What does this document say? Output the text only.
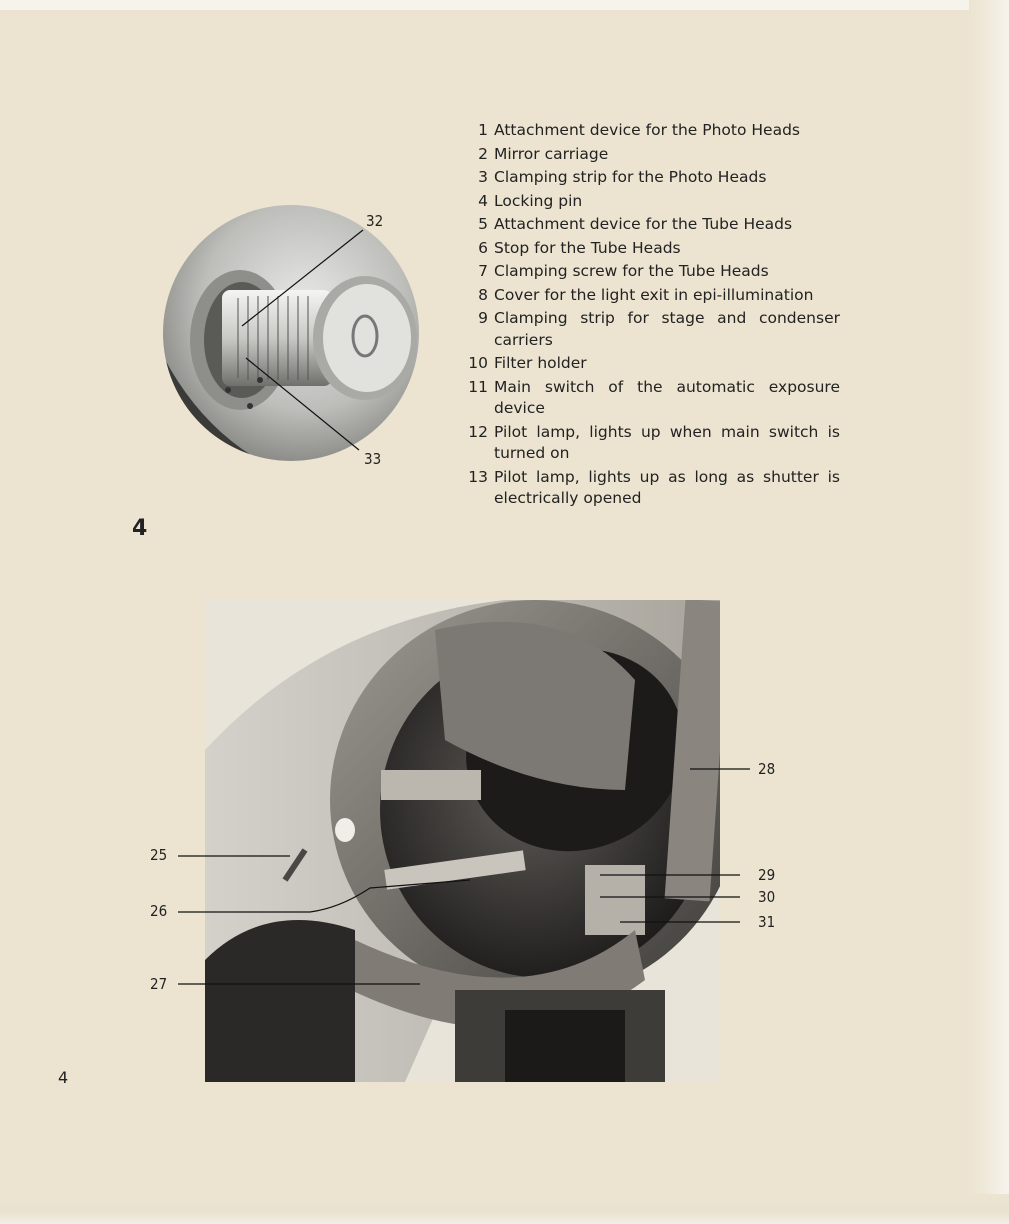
1 Attachment device for the Photo Heads
2 Mirror carriage
3 Clamping strip for the Photo Heads
4 Locking pin
5 Attachment device for the Tube Heads
6 Stop for the Tube Heads
7 Clamping screw for the Tube Heads
8 Cover for the light exit in epi-illumination
9 Clamping strip for stage and condenser carriers
10 Filter holder
11 Main switch of the automatic exposure device
12 Pilot lamp, lights up when main switch is turned on
13 Pilot lamp, lights up as long as shutter is electrically opened
32
33
4
28
25
29
30
26
31
27
4
